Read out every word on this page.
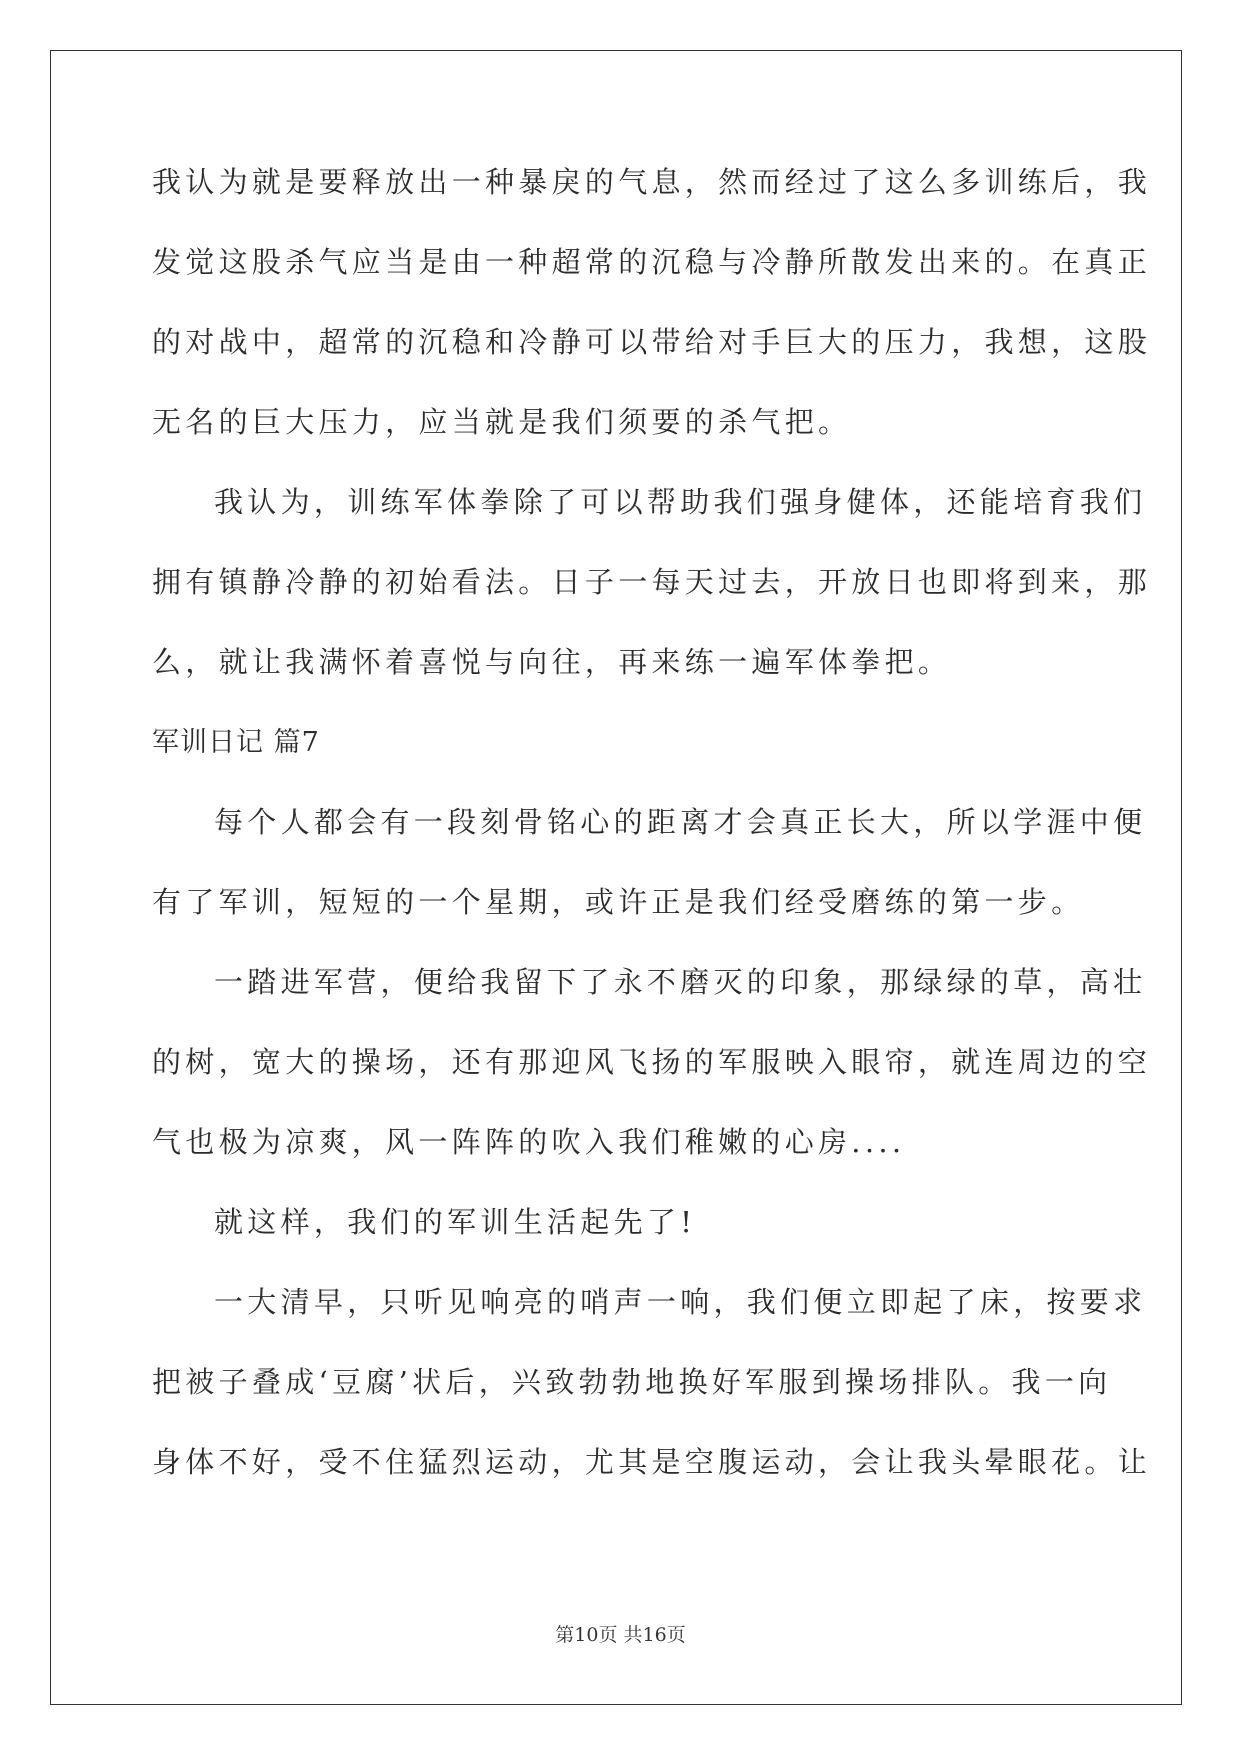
我认为就是要释放出一种暴戾的气息，然而经过了这么多训练后，我
发觉这股杀气应当是由一种超常的沉稳与冷静所散发出来的。在真正
的对战中，超常的沉稳和冷静可以带给对手巨大的压力，我想，这股
无名的巨大压力，应当就是我们须要的杀气把。
我认为，训练军体拳除了可以帮助我们强身健体，还能培育我们
拥有镇静冷静的初始看法。日子一每天过去，开放日也即将到来，那
么，就让我满怀着喜悦与向往，再来练一遍军体拳把。
军训日记 篇7
每个人都会有一段刻骨铭心的距离才会真正长大，所以学涯中便
有了军训，短短的一个星期，或许正是我们经受磨练的第一步。
一踏进军营，便给我留下了永不磨灭的印象，那绿绿的草，高壮
的树，宽大的操场，还有那迎风飞扬的军服映入眼帘，就连周边的空
气也极为凉爽，风一阵阵的吹入我们稚嫩的心房....
就这样，我们的军训生活起先了!
一大清早，只听见响亮的哨声一响，我们便立即起了床，按要求
把被子叠成‘豆腐’状后，兴致勃勃地换好军服到操场排队。我一向
身体不好，受不住猛烈运动，尤其是空腹运动，会让我头晕眼花。让
第10页 共16页
